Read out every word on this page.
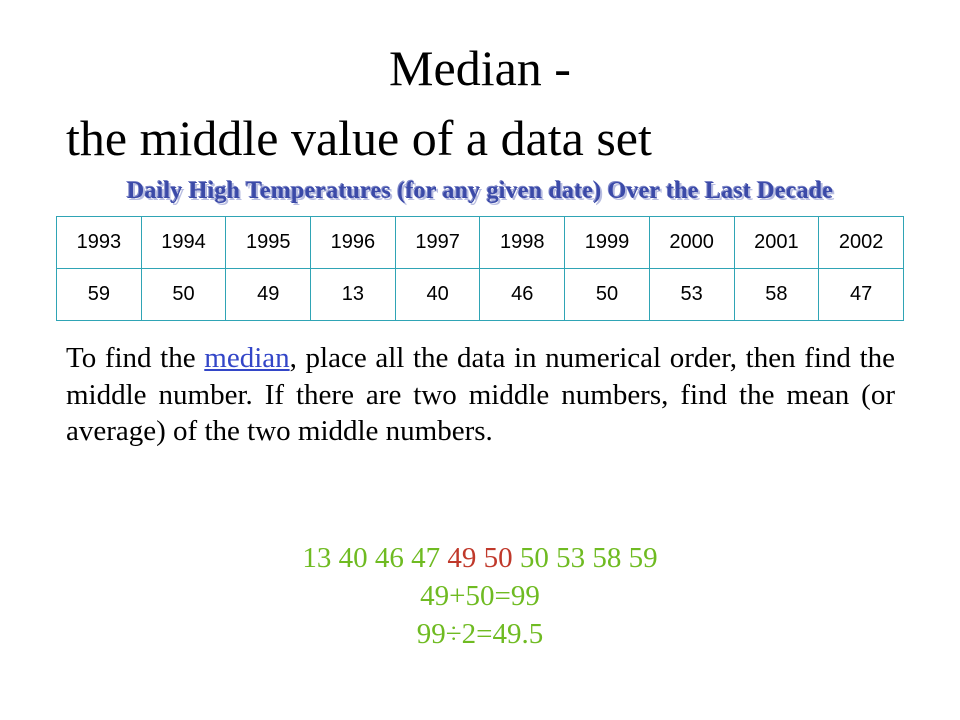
Median -
the middle value of a data set
Daily High Temperatures (for any given date) Over the Last Decade
1993	1994	1995	1996	1997	1998	1999	2000	2001	2002
59	50	49	13	40	46	50	53	58	47
To find the median, place all the data in numerical order, then find the middle number. If there are two middle numbers, find the mean (or average) of the two middle numbers.
13 40 46 47 49 50 50 53 58 59
49+50=99
99÷2=49.5
